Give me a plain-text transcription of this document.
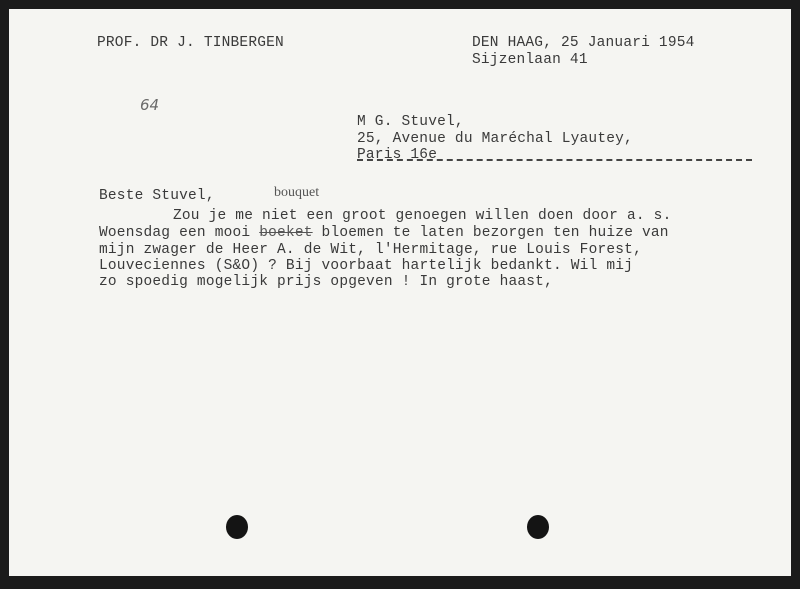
PROF. DR J. TINBERGEN	DEN HAAG, 25 Januari 1954
Sijzenlaan 41
64
M G. Stuvel,
25, Avenue du Maréchal Lyautey,
Paris 16e
Beste Stuvel,	bouquet
Zou je me niet een groot genoegen willen doen door a. s.
Woensdag een mooi boeket bloemen te laten bezorgen ten huize van
mijn zwager de Heer A. de Wit, l'Hermitage, rue Louis Forest,
Louveciennes (S&O) ? Bij voorbaat hartelijk bedankt. Wil mij
zo spoedig mogelijk prijs opgeven ! In grote haast,
